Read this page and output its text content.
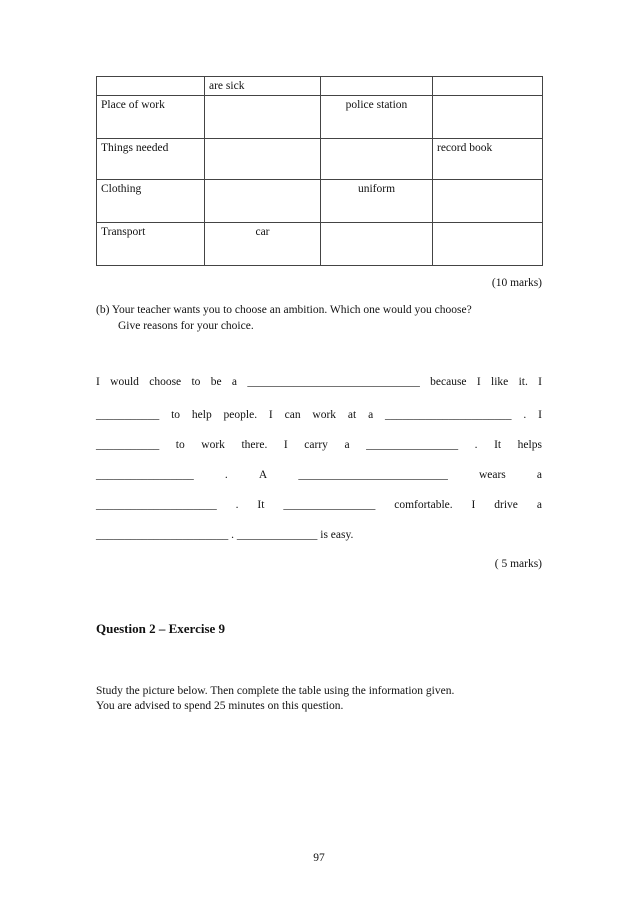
	are sick		
Place of work		police station	
Things needed			record book
Clothing		uniform	
Transport	car		
(10 marks)
(b) Your teacher wants you to choose an ambition. Which one would you choose?
Give reasons for your choice.
I would choose to be a ______________________________ because I like it. I
___________ to help people. I can work at a ______________________ . I
___________ to work there. I carry a ________________ . It helps
_________________	.	A	__________________________	wears	a
_____________________ . It ________________ comfortable. I drive a
_______________________ . ______________ is easy.
( 5 marks)
Question 2 – Exercise 9
Study the picture below. Then complete the table using the information given.
You are advised to spend 25 minutes on this question.
97
